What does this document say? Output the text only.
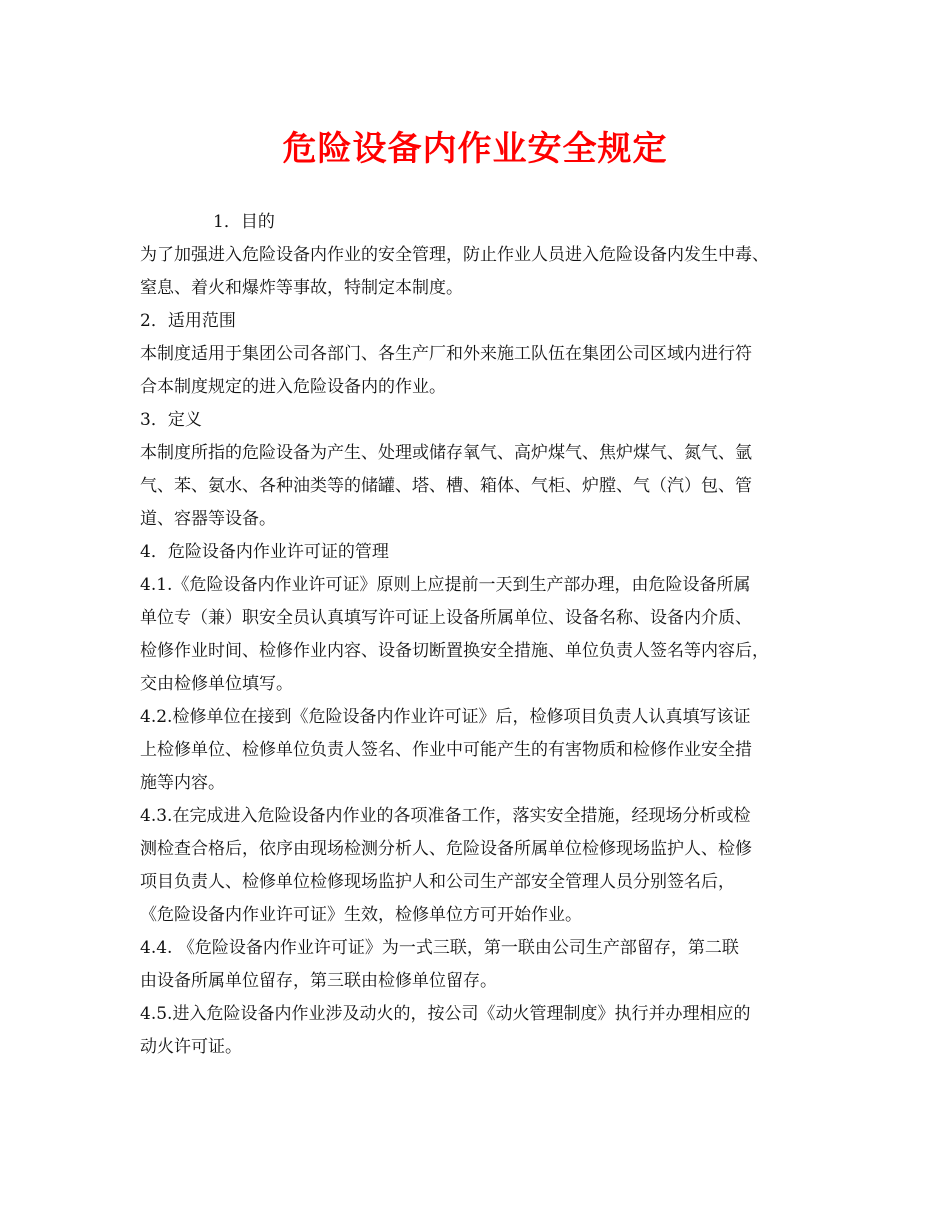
危险设备内作业安全规定
1．目的
为了加强进入危险设备内作业的安全管理，防止作业人员进入危险设备内发生中毒、
窒息、着火和爆炸等事故，特制定本制度。
2．适用范围
本制度适用于集团公司各部门、各生产厂和外来施工队伍在集团公司区域内进行符
合本制度规定的进入危险设备内的作业。
3．定义
本制度所指的危险设备为产生、处理或储存氧气、高炉煤气、焦炉煤气、氮气、氩
气、苯、氨水、各种油类等的储罐、塔、槽、箱体、气柜、炉膛、气（汽）包、管
道、容器等设备。
4．危险设备内作业许可证的管理
4.1.《危险设备内作业许可证》原则上应提前一天到生产部办理，由危险设备所属
单位专（兼）职安全员认真填写许可证上设备所属单位、设备名称、设备内介质、
检修作业时间、检修作业内容、设备切断置换安全措施、单位负责人签名等内容后，
交由检修单位填写。
4.2.检修单位在接到《危险设备内作业许可证》后，检修项目负责人认真填写该证
上检修单位、检修单位负责人签名、作业中可能产生的有害物质和检修作业安全措
施等内容。
4.3.在完成进入危险设备内作业的各项准备工作，落实安全措施，经现场分析或检
测检查合格后，依序由现场检测分析人、危险设备所属单位检修现场监护人、检修
项目负责人、检修单位检修现场监护人和公司生产部安全管理人员分别签名后，
《危险设备内作业许可证》生效，检修单位方可开始作业。
4.4. 《危险设备内作业许可证》为一式三联，第一联由公司生产部留存，第二联
由设备所属单位留存，第三联由检修单位留存。
4.5.进入危险设备内作业涉及动火的，按公司《动火管理制度》执行并办理相应的
动火许可证。
